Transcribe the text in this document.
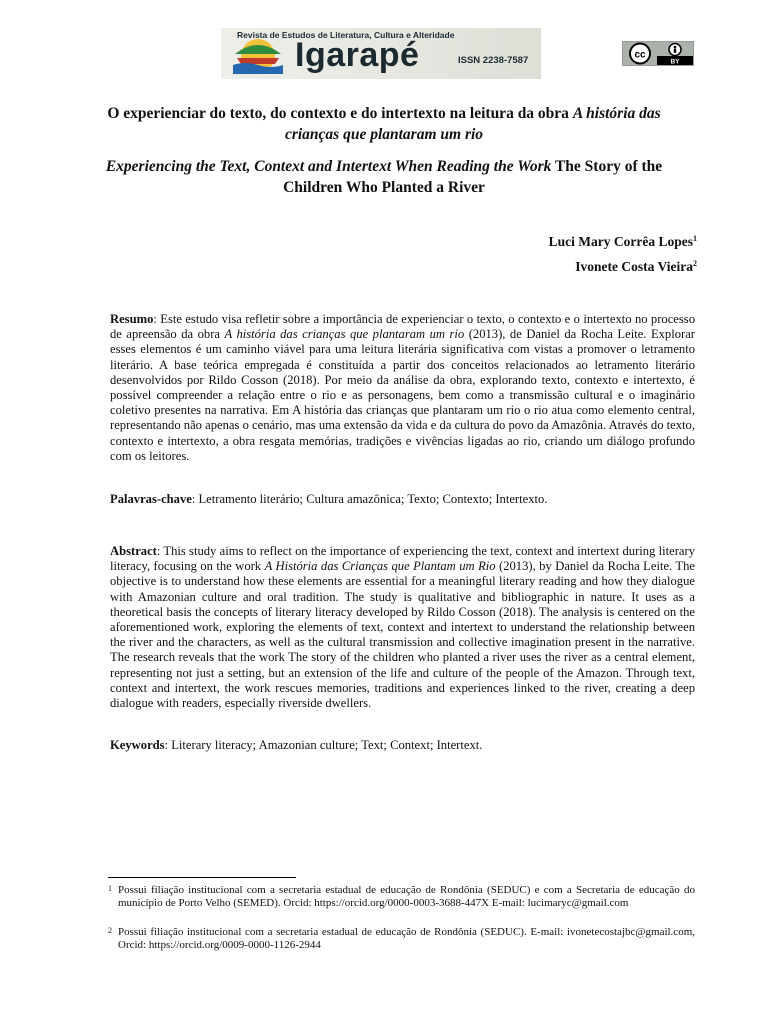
Revista de Estudos de Literatura, Cultura e Alteridade
Igarapé	ISSN 2238-7587	cc
BY
O experienciar do texto, do contexto e do intertexto na leitura da obra A história das crianças que plantaram um rio
Experiencing the Text, Context and Intertext When Reading the Work The Story of the Children Who Planted a River
Luci Mary Corrêa Lopes$^1$
Ivonete Costa Vieira$^2$
Resumo: Este estudo visa refletir sobre a importância de experienciar o texto, o contexto e o intertexto no processo de apreensão da obra A história das crianças que plantaram um rio (2013), de Daniel da Rocha Leite. Explorar esses elementos é um caminho viável para uma leitura literária significativa com vistas a promover o letramento literário. A base teórica empregada é constituída a partir dos conceitos relacionados ao letramento literário desenvolvidos por Rildo Cosson (2018). Por meio da análise da obra, explorando texto, contexto e intertexto, é possível compreender a relação entre o rio e as personagens, bem como a transmissão cultural e o imaginário coletivo presentes na narrativa. Em A história das crianças que plantaram um rio o rio atua como elemento central, representando não apenas o cenário, mas uma extensão da vida e da cultura do povo da Amazônia. Através do texto, contexto e intertexto, a obra resgata memórias, tradições e vivências ligadas ao rio, criando um diálogo profundo com os leitores.
Palavras-chave: Letramento literário; Cultura amazônica; Texto; Contexto; Intertexto.
Abstract: This study aims to reflect on the importance of experiencing the text, context and intertext during literary literacy, focusing on the work A História das Crianças que Plantam um Rio (2013), by Daniel da Rocha Leite. The objective is to understand how these elements are essential for a meaningful literary reading and how they dialogue with Amazonian culture and oral tradition. The study is qualitative and bibliographic in nature. It uses as a theoretical basis the concepts of literary literacy developed by Rildo Cosson (2018). The analysis is centered on the aforementioned work, exploring the elements of text, context and intertext to understand the relationship between the river and the characters, as well as the cultural transmission and collective imagination present in the narrative. The research reveals that the work The story of the children who planted a river uses the river as a central element, representing not just a setting, but an extension of the life and culture of the people of the Amazon. Through text, context and intertext, the work rescues memories, traditions and experiences linked to the river, creating a deep dialogue with readers, especially riverside dwellers.
Keywords: Literary literacy; Amazonian culture; Text; Context; Intertext.
1 Possui filiação institucional com a secretaria estadual de educação de Rondônia (SEDUC) e com a Secretaria de educação do município de Porto Velho (SEMED). Orcid: https://orcid.org/0000-0003-3688-447X E-mail: lucimaryc@gmail.com
2 Possui filiação institucional com a secretaria estadual de educação de Rondônia (SEDUC). E-mail: ivonetecostajbc@gmail.com, Orcid: https://orcid.org/0009-0000-1126-2944
